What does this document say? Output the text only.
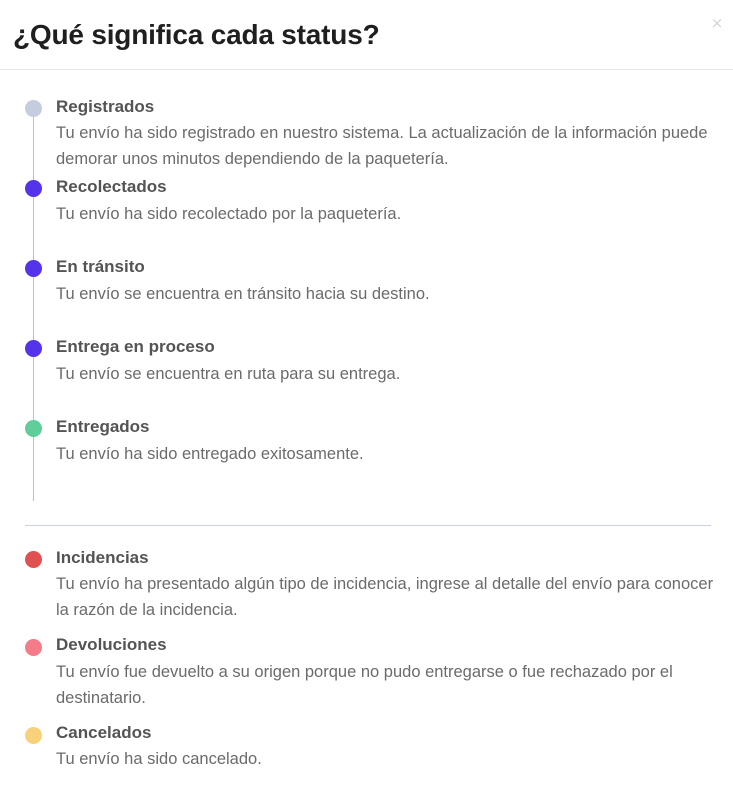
¿Qué significa cada status?	×
Registrados
Tu envío ha sido registrado en nuestro sistema. La actualización de la información puede demorar unos minutos dependiendo de la paquetería.
Recolectados
Tu envío ha sido recolectado por la paquetería.
En tránsito
Tu envío se encuentra en tránsito hacia su destino.
Entrega en proceso
Tu envío se encuentra en ruta para su entrega.
Entregados
Tu envío ha sido entregado exitosamente.
Incidencias
Tu envío ha presentado algún tipo de incidencia, ingrese al detalle del envío para conocer la razón de la incidencia.
Devoluciones
Tu envío fue devuelto a su origen porque no pudo entregarse o fue rechazado por el destinatario.
Cancelados
Tu envío ha sido cancelado.
